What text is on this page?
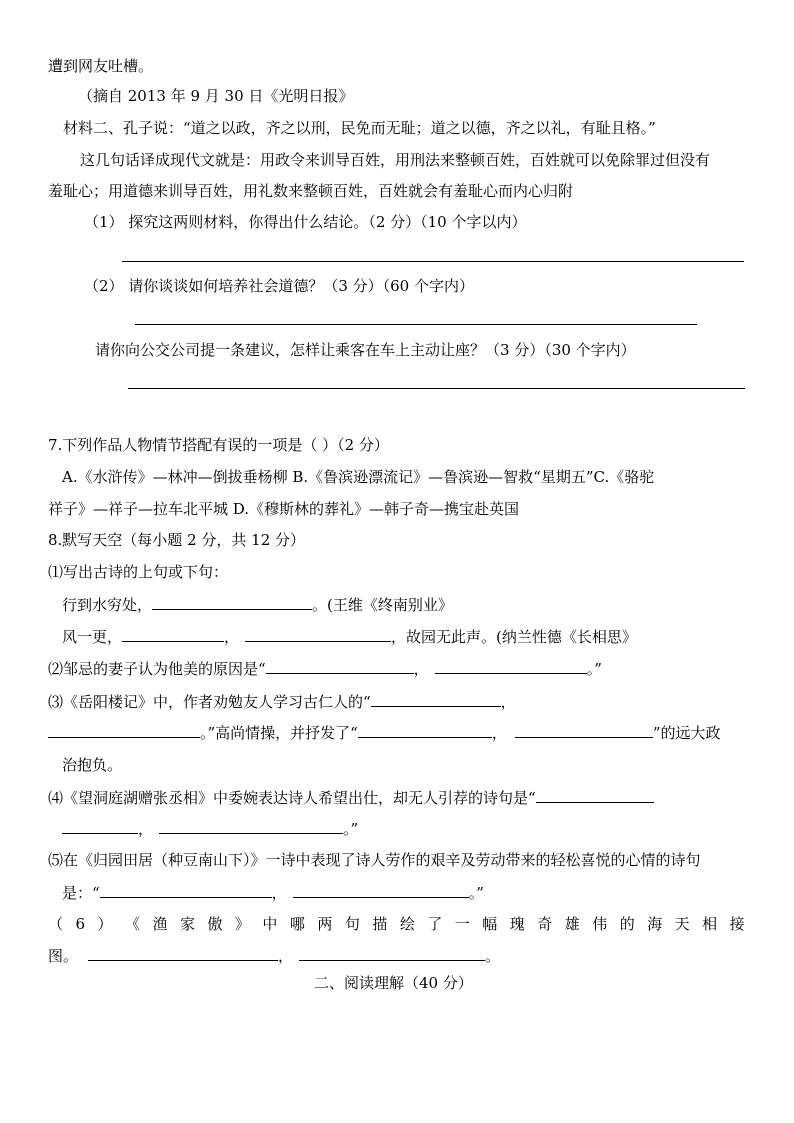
遭到网友吐槽。
（摘自 2013 年 9 月 30 日《光明日报》
材料二、孔子说：“道之以政，齐之以刑，民免而无耻；道之以德，齐之以礼，有耻且格。”
这几句话译成现代文就是：用政令来训导百姓，用刑法来整顿百姓，百姓就可以免除罪过但没有
羞耻心；用道德来训导百姓，用礼数来整顿百姓，百姓就会有羞耻心而内心归附
（1） 探究这两则材料，你得出什么结论。（2 分）（10 个字以内）
（2） 请你谈谈如何培养社会道德？（3 分）（60 个字内）
请你向公交公司提一条建议，怎样让乘客在车上主动让座？（3 分）（30 个字内）
7.下列作品人物情节搭配有误的一项是（ ）（2 分）
A.《水浒传》—林冲—倒拔垂杨柳 B.《鲁滨逊漂流记》—鲁滨逊—智救“星期五”C.《骆驼
祥子》—祥子—拉车北平城 D.《穆斯林的葬礼》—韩子奇—携宝赴英国
8.默写天空（每小题 2 分，共 12 分）
⑴写出古诗的上句或下句：
行到水穷处，	。(王维《终南别业》
风一更，	，	，故园无此声。(纳兰性德《长相思》
⑵邹忌的妻子认为他美的原因是“	，	。”
⑶《岳阳楼记》中，作者劝勉友人学习古仁人的“	，
。”高尚情操，并抒发了“	，	”的远大政
治抱负。
⑷《望洞庭湖赠张丞相》中委婉表达诗人希望出仕，却无人引荐的诗句是“
，	。”
⑸在《归园田居（种豆南山下）》一诗中表现了诗人劳作的艰辛及劳动带来的轻松喜悦的心情的诗句
是：“	，	。”
（ 6 ） 《 渔 家 傲 》 中 哪 两 句 描 绘 了 一 幅 瑰 奇 雄 伟 的 海 天 相 接
图。	，	。
二、阅读理解（40 分）
